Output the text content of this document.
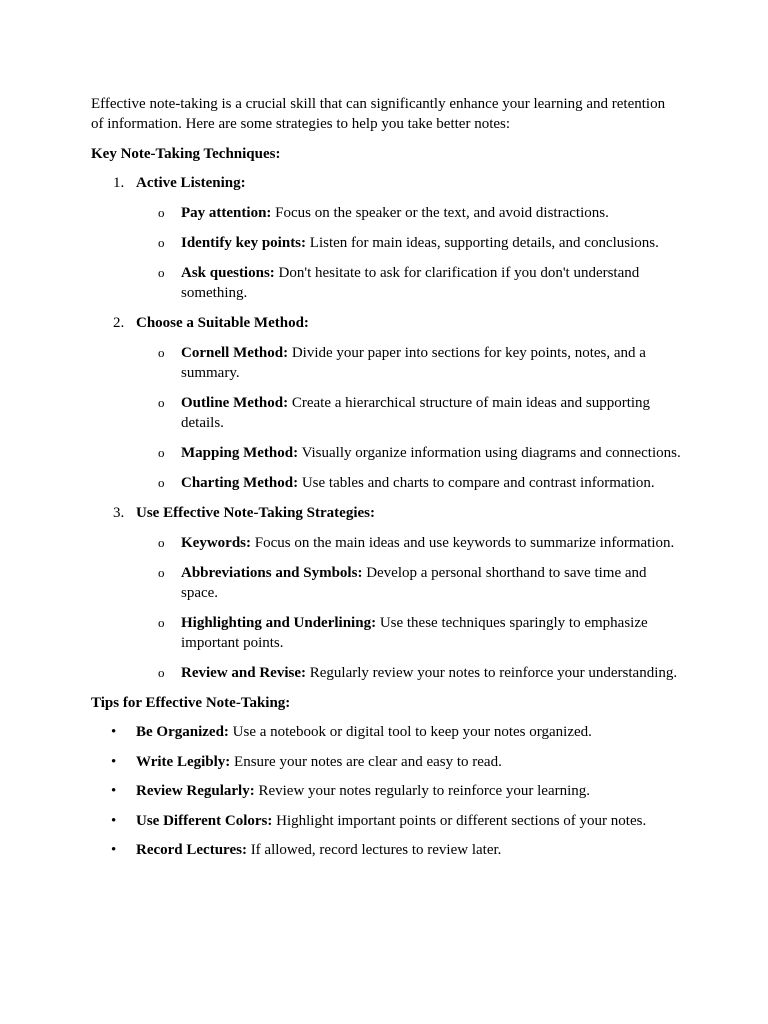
Effective note-taking is a crucial skill that can significantly enhance your learning and retention of information. Here are some strategies to help you take better notes:

Key Note-Taking Techniques:

1. Active Listening:
o Pay attention: Focus on the speaker or the text, and avoid distractions.
o Identify key points: Listen for main ideas, supporting details, and conclusions.
o Ask questions: Don't hesitate to ask for clarification if you don't understand something.
2. Choose a Suitable Method:
o Cornell Method: Divide your paper into sections for key points, notes, and a summary.
o Outline Method: Create a hierarchical structure of main ideas and supporting details.
o Mapping Method: Visually organize information using diagrams and connections.
o Charting Method: Use tables and charts to compare and contrast information.
3. Use Effective Note-Taking Strategies:
o Keywords: Focus on the main ideas and use keywords to summarize information.
o Abbreviations and Symbols: Develop a personal shorthand to save time and space.
o Highlighting and Underlining: Use these techniques sparingly to emphasize important points.
o Review and Revise: Regularly review your notes to reinforce your understanding.

Tips for Effective Note-Taking:

• Be Organized: Use a notebook or digital tool to keep your notes organized.
• Write Legibly: Ensure your notes are clear and easy to read.
• Review Regularly: Review your notes regularly to reinforce your learning.
• Use Different Colors: Highlight important points or different sections of your notes.
• Record Lectures: If allowed, record lectures to review later.
